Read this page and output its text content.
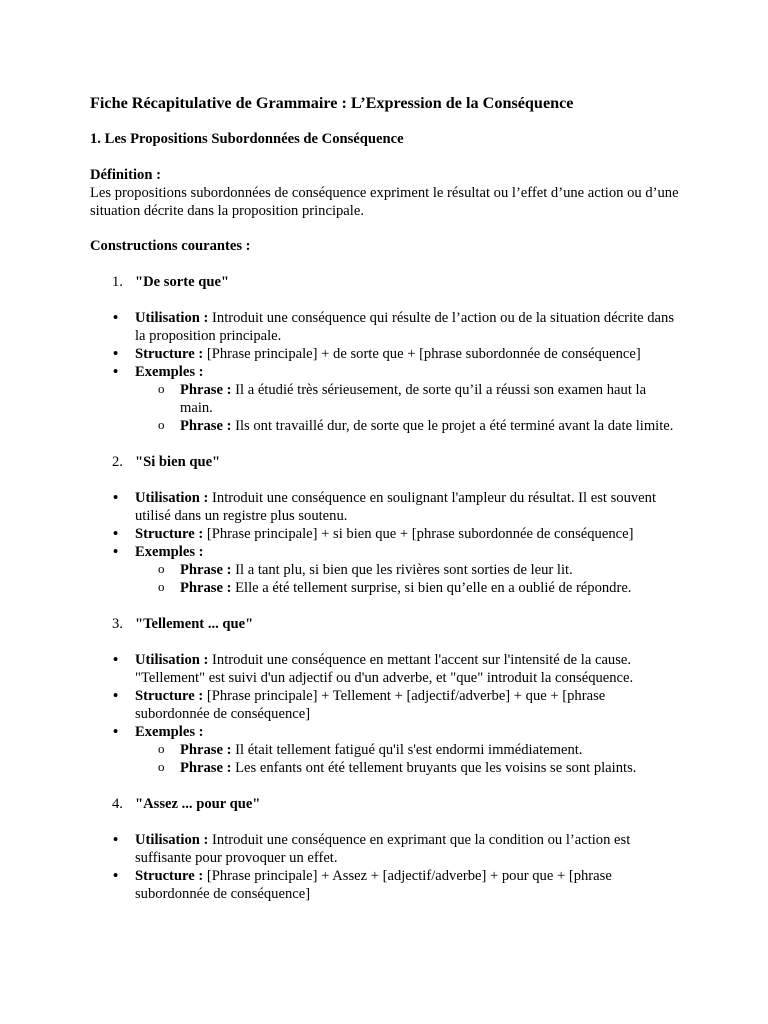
Fiche Récapitulative de Grammaire : L’Expression de la Conséquence
1. Les Propositions Subordonnées de Conséquence
Définition :

Les propositions subordonnées de conséquence expriment le résultat ou l’effet d’une action ou d’une situation décrite dans la proposition principale.

Constructions courantes :
1. "De sorte que"
• Utilisation : Introduit une conséquence qui résulte de l’action ou de la situation décrite dans la proposition principale.
• Structure : [Phrase principale] + de sorte que + [phrase subordonnée de conséquence]
• Exemples :
o Phrase : Il a étudié très sérieusement, de sorte qu’il a réussi son examen haut la main.
o Phrase : Ils ont travaillé dur, de sorte que le projet a été terminé avant la date limite.
2. "Si bien que"
• Utilisation : Introduit une conséquence en soulignant l'ampleur du résultat. Il est souvent utilisé dans un registre plus soutenu.
• Structure : [Phrase principale] + si bien que + [phrase subordonnée de conséquence]
• Exemples :
o Phrase : Il a tant plu, si bien que les rivières sont sorties de leur lit.
o Phrase : Elle a été tellement surprise, si bien qu’elle en a oublié de répondre.
3. "Tellement ... que"
• Utilisation : Introduit une conséquence en mettant l'accent sur l'intensité de la cause. "Tellement" est suivi d'un adjectif ou d'un adverbe, et "que" introduit la conséquence.
• Structure : [Phrase principale] + Tellement + [adjectif/adverbe] + que + [phrase subordonnée de conséquence]
• Exemples :
o Phrase : Il était tellement fatigué qu'il s'est endormi immédiatement.
o Phrase : Les enfants ont été tellement bruyants que les voisins se sont plaints.
4. "Assez ... pour que"
• Utilisation : Introduit une conséquence en exprimant que la condition ou l’action est suffisante pour provoquer un effet.
• Structure : [Phrase principale] + Assez + [adjectif/adverbe] + pour que + [phrase subordonnée de conséquence]
